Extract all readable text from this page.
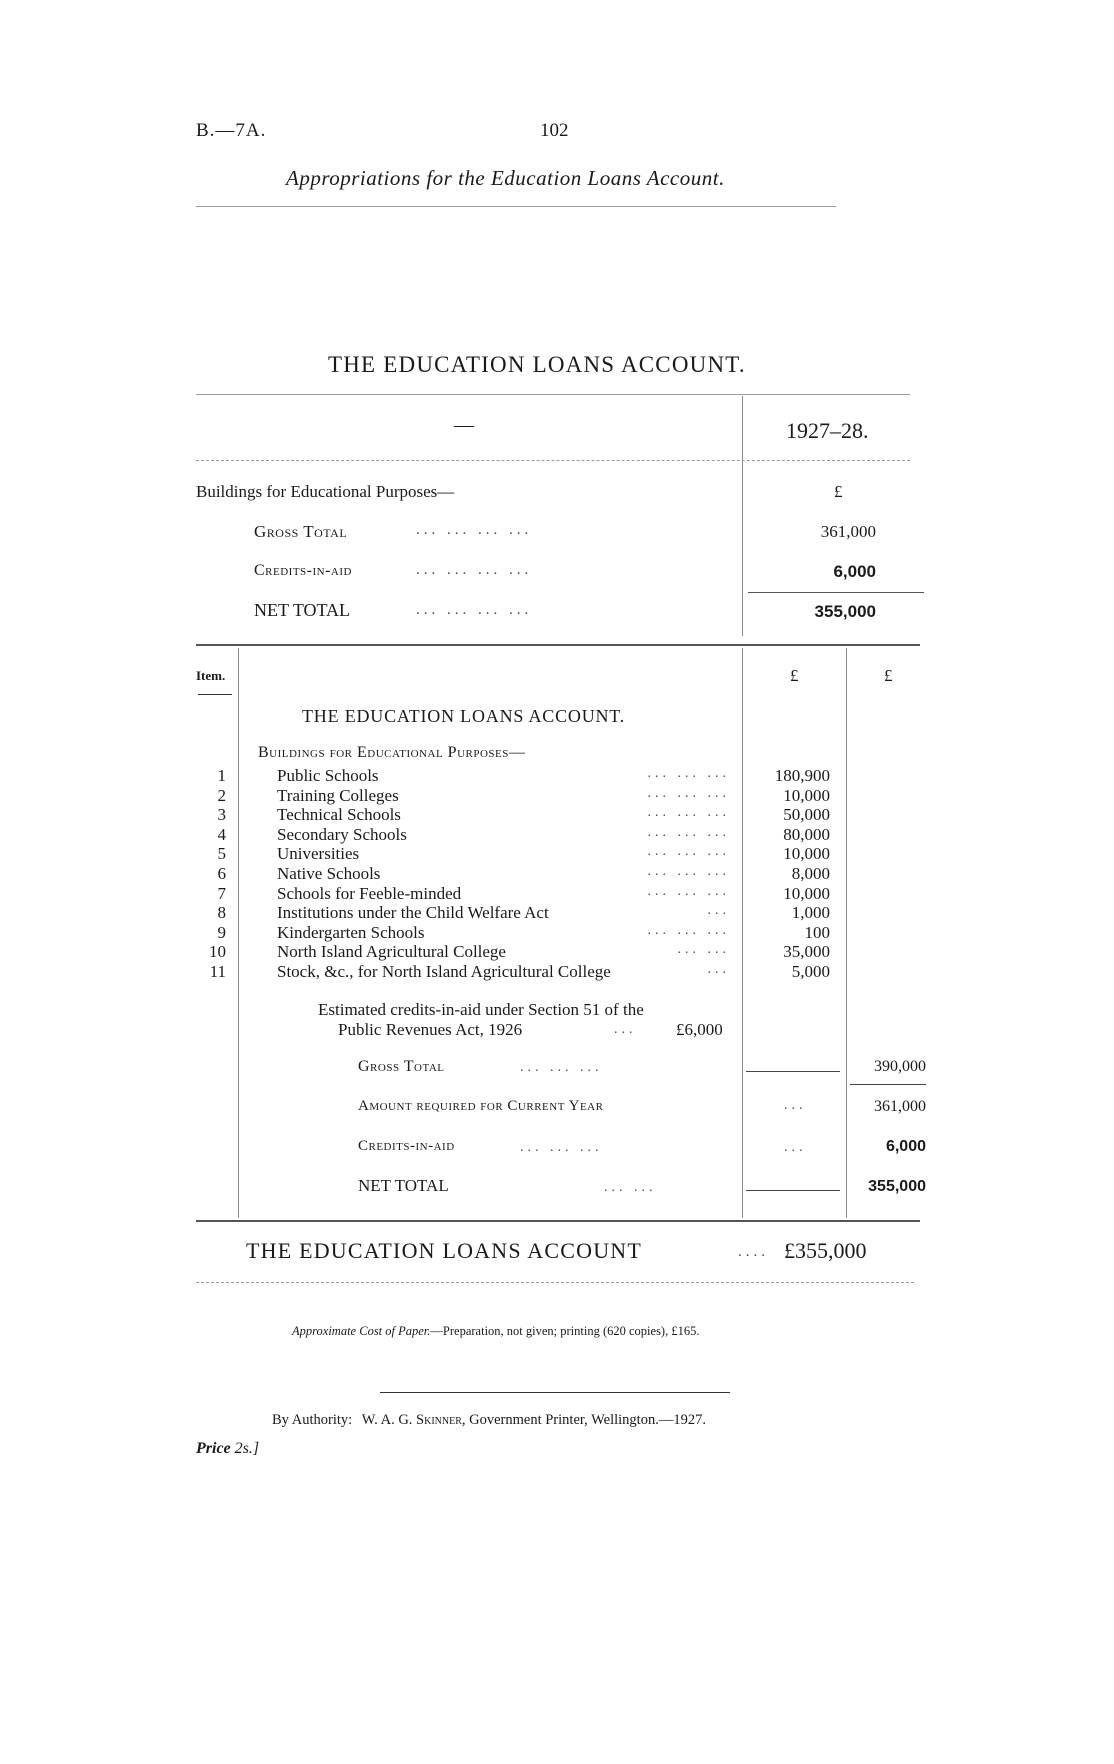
B.—7A.	102
Appropriations for the Education Loans Account.
THE EDUCATION LOANS ACCOUNT.
—	1927–28.
Buildings for Educational Purposes—	£
Gross Total	... ... ... ...	361,000
Credits-in-aid	... ... ... ...	6,000
NET TOTAL	... ... ... ...	355,000
Item.	£	£
THE EDUCATION LOANS ACCOUNT.
Buildings for Educational Purposes—
1	Public Schools	... ... ...	180,900
2	Training Colleges	... ... ...	10,000
3	Technical Schools	... ... ...	50,000
4	Secondary Schools	... ... ...	80,000
5	Universities	... ... ...	10,000
6	Native Schools	... ... ...	8,000
7	Schools for Feeble-minded	... ... ...	10,000
8	Institutions under the Child Welfare Act	...	1,000
9	Kindergarten Schools	... ... ...	100
10	North Island Agricultural College	... ...	35,000
11	Stock, &c., for North Island Agricultural College	...	5,000
Estimated credits-in-aid under Section 51 of the
Public Revenues Act, 1926	... £6,000
Gross Total	... ... ...	390,000
Amount required for Current Year	...	361,000
Credits-in-aid	... ... ...	...	6,000
NET TOTAL	... ...	355,000
THE EDUCATION LOANS ACCOUNT	.... £355,000
Approximate Cost of Paper.—Preparation, not given; printing (620 copies), £165.
By Authority: W. A. G. Skinner, Government Printer, Wellington.—1927.
Price 2s.]
